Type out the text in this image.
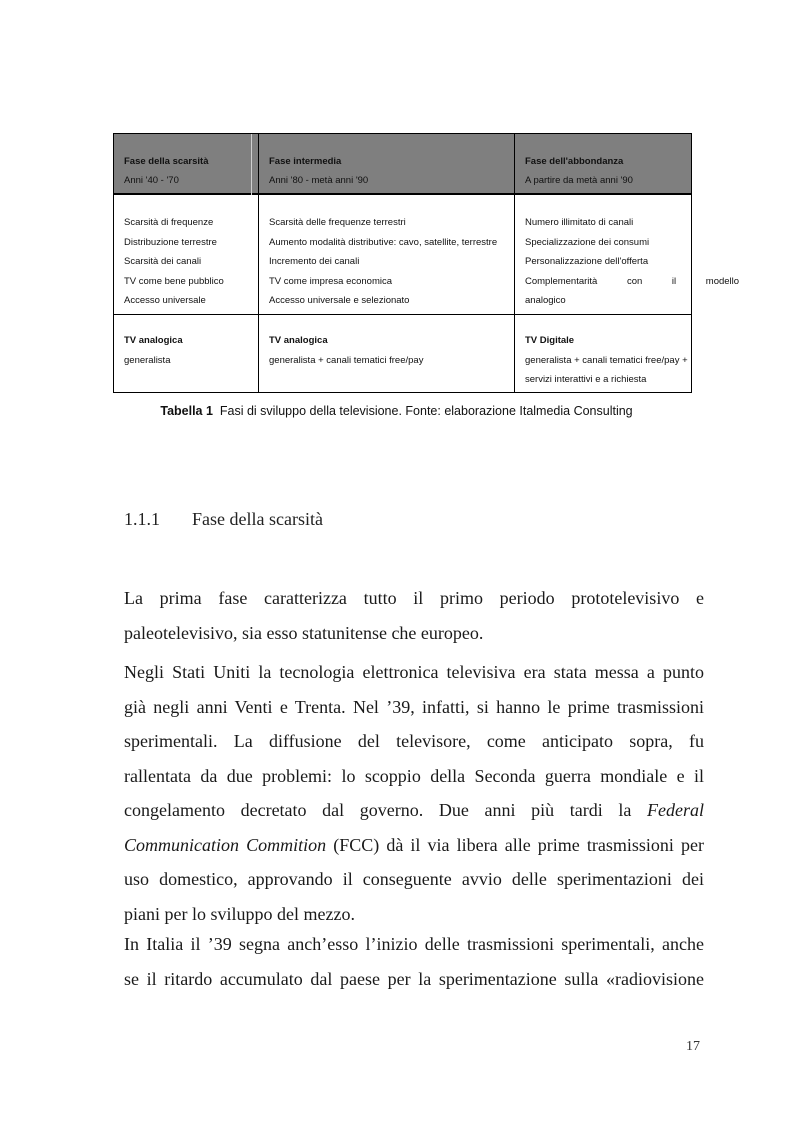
Fase della scarsità
Anni '40 - '70
Fase intermedia
Anni '80 - metà anni '90
Fase dell'abbondanza
A partire da metà anni '90
Scarsità di frequenze
Distribuzione terrestre
Scarsità dei canali
TV come bene pubblico
Accesso universale
Scarsità delle frequenze terrestri
Aumento modalità distributive: cavo, satellite, terrestre
Incremento dei canali
TV come impresa economica
Accesso universale e selezionato
Numero illimitato di canali
Specializzazione dei consumi
Personalizzazione dell'offerta
Complementarità con il modello
analogico
TV analogica
generalista
TV analogica
generalista + canali tematici free/pay
TV Digitale
generalista + canali tematici free/pay +
servizi interattivi e a richiesta
Tabella 1 Fasi di sviluppo della televisione. Fonte: elaborazione Italmedia Consulting
1.1.1 Fase della scarsità
La prima fase caratterizza tutto il primo periodo prototelevisivo e
paleotelevisivo, sia esso statunitense che europeo.
Negli Stati Uniti la tecnologia elettronica televisiva era stata messa a punto
già negli anni Venti e Trenta. Nel ’39, infatti, si hanno le prime trasmissioni
sperimentali. La diffusione del televisore, come anticipato sopra, fu
rallentata da due problemi: lo scoppio della Seconda guerra mondiale e il
congelamento decretato dal governo. Due anni più tardi la Federal
Communication Commition (FCC) dà il via libera alle prime trasmissioni per
uso domestico, approvando il conseguente avvio delle sperimentazioni dei
piani per lo sviluppo del mezzo.
In Italia il ’39 segna anch’esso l’inizio delle trasmissioni sperimentali, anche
se il ritardo accumulato dal paese per la sperimentazione sulla «radiovisione
17
